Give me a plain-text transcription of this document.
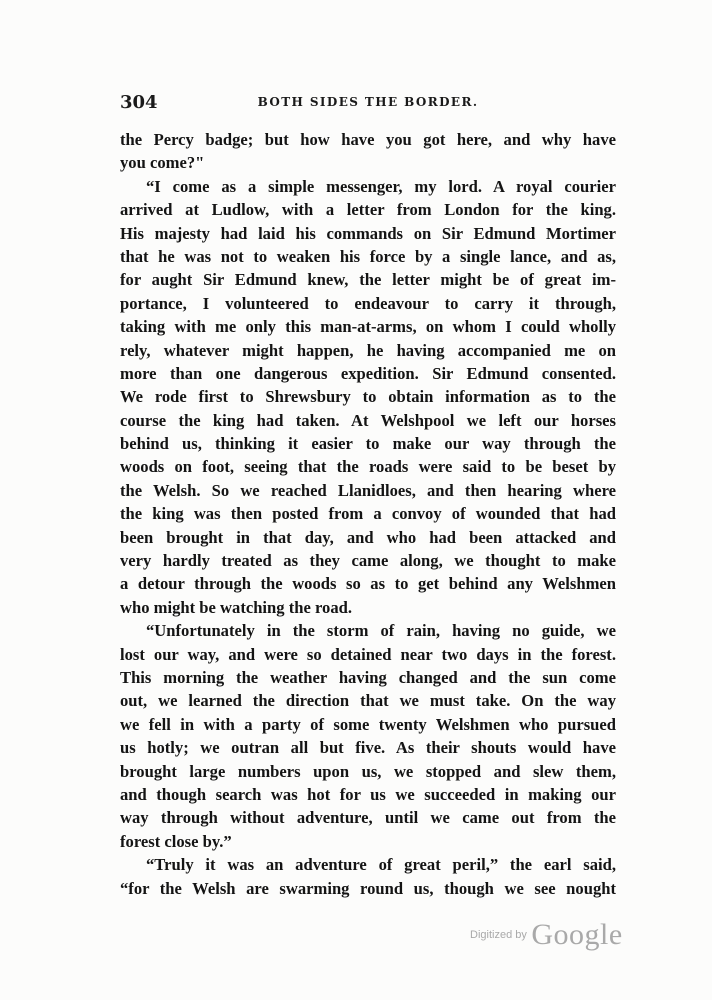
304	BOTH SIDES THE BORDER.
the Percy badge; but how have you got here, and why have
you come?"
“I come as a simple messenger, my lord. A royal courier
arrived at Ludlow, with a letter from London for the king.
His majesty had laid his commands on Sir Edmund Mortimer
that he was not to weaken his force by a single lance, and as,
for aught Sir Edmund knew, the letter might be of great im-
portance, I volunteered to endeavour to carry it through,
taking with me only this man-at-arms, on whom I could wholly
rely, whatever might happen, he having accompanied me on
more than one dangerous expedition. Sir Edmund consented.
We rode first to Shrewsbury to obtain information as to the
course the king had taken. At Welshpool we left our horses
behind us, thinking it easier to make our way through the
woods on foot, seeing that the roads were said to be beset by
the Welsh. So we reached Llanidloes, and then hearing where
the king was then posted from a convoy of wounded that had
been brought in that day, and who had been attacked and
very hardly treated as they came along, we thought to make
a detour through the woods so as to get behind any Welshmen
who might be watching the road.
“Unfortunately in the storm of rain, having no guide, we
lost our way, and were so detained near two days in the forest.
This morning the weather having changed and the sun come
out, we learned the direction that we must take. On the way
we fell in with a party of some twenty Welshmen who pursued
us hotly; we outran all but five. As their shouts would have
brought large numbers upon us, we stopped and slew them,
and though search was hot for us we succeeded in making our
way through without adventure, until we came out from the
forest close by.”
“Truly it was an adventure of great peril,” the earl said,
“for the Welsh are swarming round us, though we see nought
$^{Digitized by}$ Google
